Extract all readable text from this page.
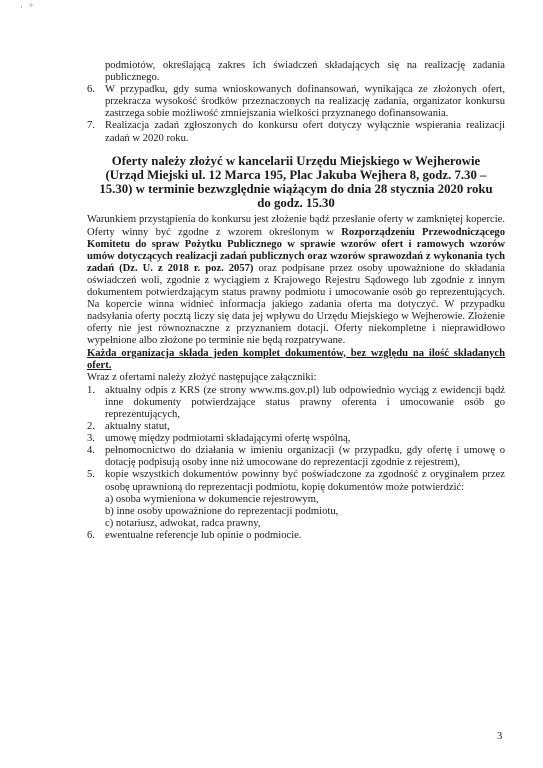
· °

podmiotów, określającą zakres ich świadczeń składających się na realizację zadania publicznego.

6. W przypadku, gdy suma wnioskowanych dofinansowań, wynikająca ze złożonych ofert, przekracza wysokość środków przeznaczonych na realizację zadania, organizator konkursu zastrzega sobie możliwość zmniejszania wielkości przyznanego dofinansowania.
7. Realizacja zadań zgłoszonych do konkursu ofert dotyczy wyłącznie wspierania realizacji zadań w 2020 roku.
Oferty należy złożyć w kancelarii Urzędu Miejskiego w Wejherowie (Urząd Miejski ul. 12 Marca 195, Plac Jakuba Wejhera 8, godz. 7.30 – 15.30) w terminie bezwzględnie wiążącym do dnia 28 stycznia 2020 roku do godz. 15.30

Warunkiem przystąpienia do konkursu jest złożenie bądź przesłanie oferty w zamkniętej kopercie. Oferty winny być zgodne z wzorem określonym w Rozporządzeniu Przewodniczącego Komitetu do spraw Pożytku Publicznego w sprawie wzorów ofert i ramowych wzorów umów dotyczących realizacji zadań publicznych oraz wzorów sprawozdań z wykonania tych zadań (Dz. U. z 2018 r. poz. 2057) oraz podpisane przez osoby upoważnione do składania oświadczeń woli, zgodnie z wyciągiem z Krajowego Rejestru Sądowego lub zgodnie z innym dokumentem potwierdzającym status prawny podmiotu i umocowanie osób go reprezentujących. Na kopercie winna widnieć informacja jakiego zadania oferta ma dotyczyć. W przypadku nadsyłania oferty pocztą liczy się data jej wpływu do Urzędu Miejskiego w Wejherowie. Złożenie oferty nie jest równoznaczne z przyznaniem dotacji. Oferty niekompletne i nieprawidłowo wypełnione albo złożone po terminie nie będą rozpatrywane.

Każda organizacja składa jeden komplet dokumentów, bez względu na ilość składanych ofert.

Wraz z ofertami należy złożyć następujące załączniki:

1. aktualny odpis z KRS (ze strony www.ms.gov.pl) lub odpowiednio wyciąg z ewidencji bądź inne dokumenty potwierdzające status prawny oferenta i umocowanie osób go reprezentujących,
2. aktualny statut,
3. umowę między podmiotami składającymi ofertę wspólną,
4. pełnomocnictwo do działania w imieniu organizacji (w przypadku, gdy ofertę i umowę o dotację podpisują osoby inne niż umocowane do reprezentacji zgodnie z rejestrem),
5. kopie wszystkich dokumentów powinny być poświadczone za zgodność z oryginałem przez osobę uprawnioną do reprezentacji podmiotu, kopię dokumentów może potwierdzić:

a) osoba wymieniona w dokumencie rejestrowym,

b) inne osoby upoważnione do reprezentacji podmiotu,

c) notariusz, adwokat, radca prawny,

6. ewentualne referencje lub opinie o podmiocie.
3
